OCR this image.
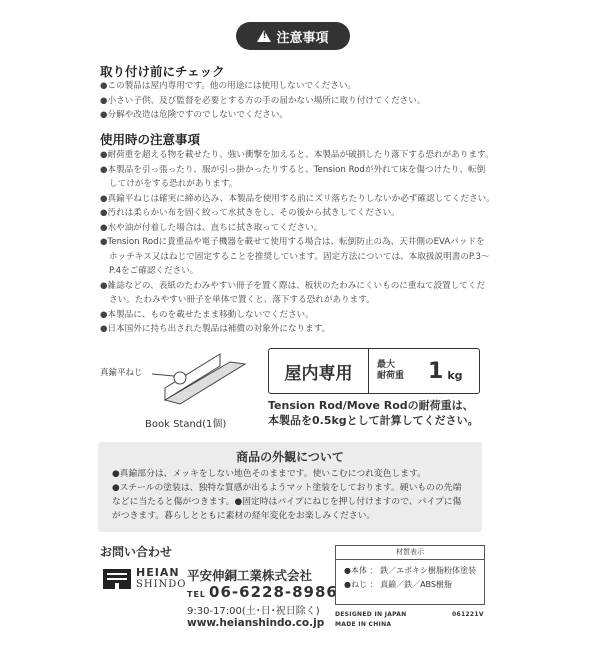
!
注意事項
取り付け前にチェック
●この製品は屋内専用です。他の用途には使用しないでください。
●小さい子供、及び監督を必要とする方の手の届かない場所に取り付けてください。
●分解や改造は危険ですのでしないでください。
使用時の注意事項
●耐荷重を超える物を載せたり、強い衝撃を加えると、本製品が破損したり落下する恐れがあります。
●本製品を引っ張ったり、服が引っ掛かったりすると、Tension Rodが外れて床を傷つけたり、転倒してけがをする恐れがあります。
●真鍮平ねじは確実に締め込み、本製品を使用する前にズリ落ちたりしないか必ず確認してください。
●汚れは柔らかい布を固く絞って水拭きをし、その後から拭きしてください。
●水や油が付着した場合は、直ちに拭き取ってください。
●Tension Rodに貴重品や電子機器を載せて使用する場合は、転倒防止の為、天井側のEVAパッドをホッチキス又はねじで固定することを推奨しています。固定方法については、本取扱説明書のP.3～P.4をご確認ください。
●雑誌などの、表紙のたわみやすい冊子を置く際は、板状のたわみにくいものに重ねて設置してください。たわみやすい冊子を単体で置くと、落下する恐れがあります。
●本製品に、ものを載せたまま移動しないでください。
●日本国外に持ち出された製品は補償の対象外になります。
真鍮平ねじ
Book Stand(1個)
屋内専用	最大
耐荷重 1 kg
Tension Rod/Move Rodの耐荷重は、
本製品を0.5kgとして計算してください。
商品の外観について
●真鍮部分は、メッキをしない地色そのままです。使いこむにつれ変色します。
●スチールの塗装は、独特な質感が出るようマット塗装をしております。硬いものの先端などに当たると傷がつきます。●固定時はパイプにねじを押し付けますので、パイプに傷がつきます。暮らしとともに素材の経年変化をお楽しみください。
お問い合わせ
HEIAN
SHINDO
平安伸銅工業株式会社
TEL 06-6228-8986
9:30-17:00(土･日･祝日除く)
www.heianshindo.co.jp
材質表示
●本体 ： 鉄／エポキシ樹脂粉体塗装
●ねじ ： 真鍮／鉄／ABS樹脂
DESIGNED IN JAPAN
MADE IN CHINA
061221V
